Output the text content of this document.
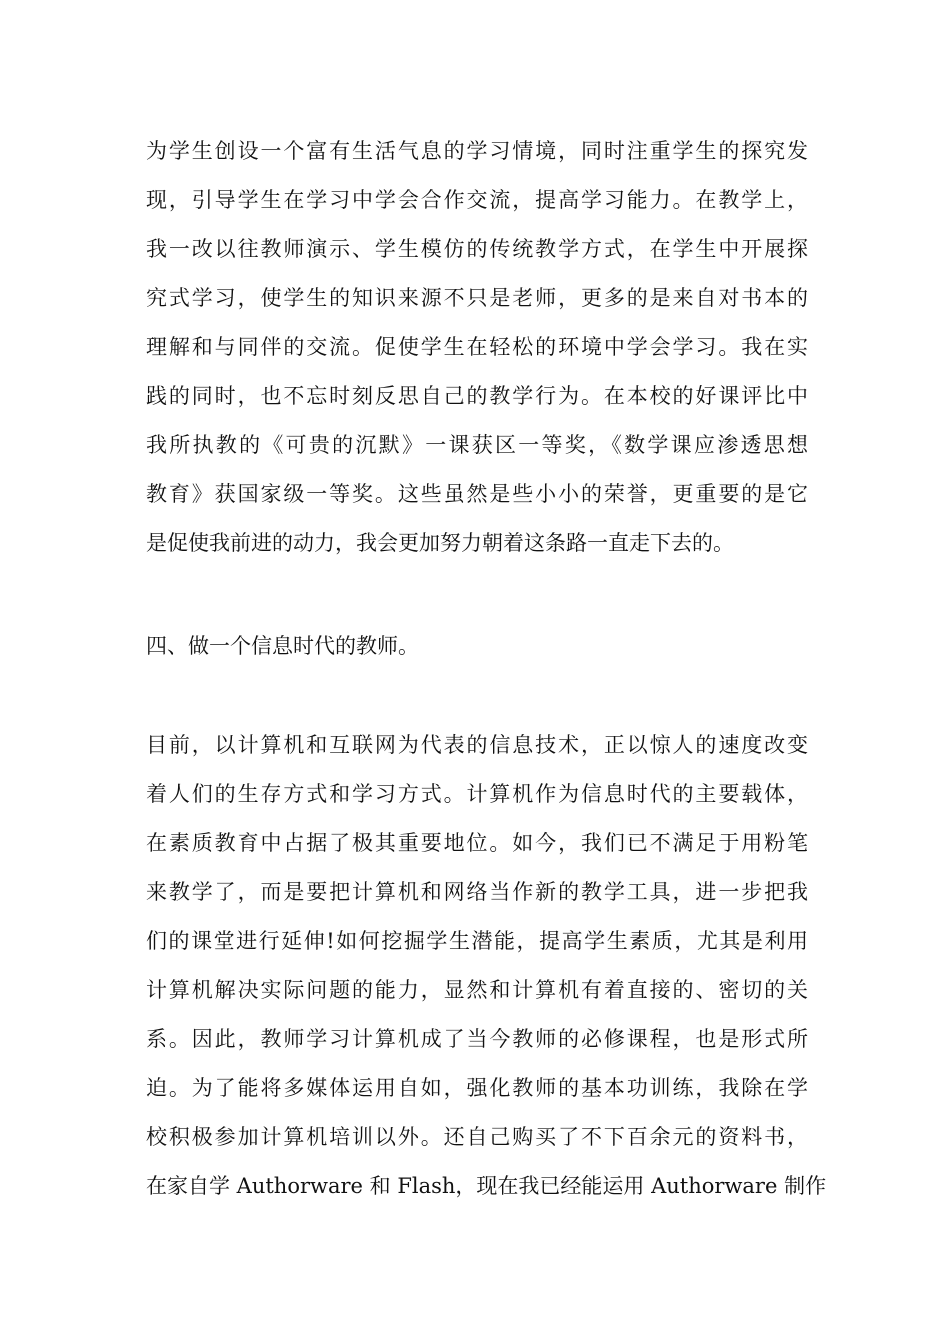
为学生创设一个富有生活气息的学习情境，同时注重学生的探究发
现，引导学生在学习中学会合作交流，提高学习能力。在教学上，
我一改以往教师演示、学生模仿的传统教学方式，在学生中开展探
究式学习，使学生的知识来源不只是老师，更多的是来自对书本的
理解和与同伴的交流。促使学生在轻松的环境中学会学习。我在实
践的同时，也不忘时刻反思自己的教学行为。在本校的好课评比中
我所执教的《可贵的沉默》一课获区一等奖，《数学课应渗透思想
教育》获国家级一等奖。这些虽然是些小小的荣誉，更重要的是它
是促使我前进的动力，我会更加努力朝着这条路一直走下去的。
四、做一个信息时代的教师。
目前，以计算机和互联网为代表的信息技术，正以惊人的速度改变
着人们的生存方式和学习方式。计算机作为信息时代的主要载体，
在素质教育中占据了极其重要地位。如今，我们已不满足于用粉笔
来教学了，而是要把计算机和网络当作新的教学工具，进一步把我
们的课堂进行延伸!如何挖掘学生潜能，提高学生素质，尤其是利用
计算机解决实际问题的能力，显然和计算机有着直接的、密切的关
系。因此，教师学习计算机成了当今教师的必修课程，也是形式所
迫。为了能将多媒体运用自如，强化教师的基本功训练，我除在学
校积极参加计算机培训以外。还自己购买了不下百余元的资料书，
在家自学 Authorware 和 Flash，现在我已经能运用 Authorware 制作
